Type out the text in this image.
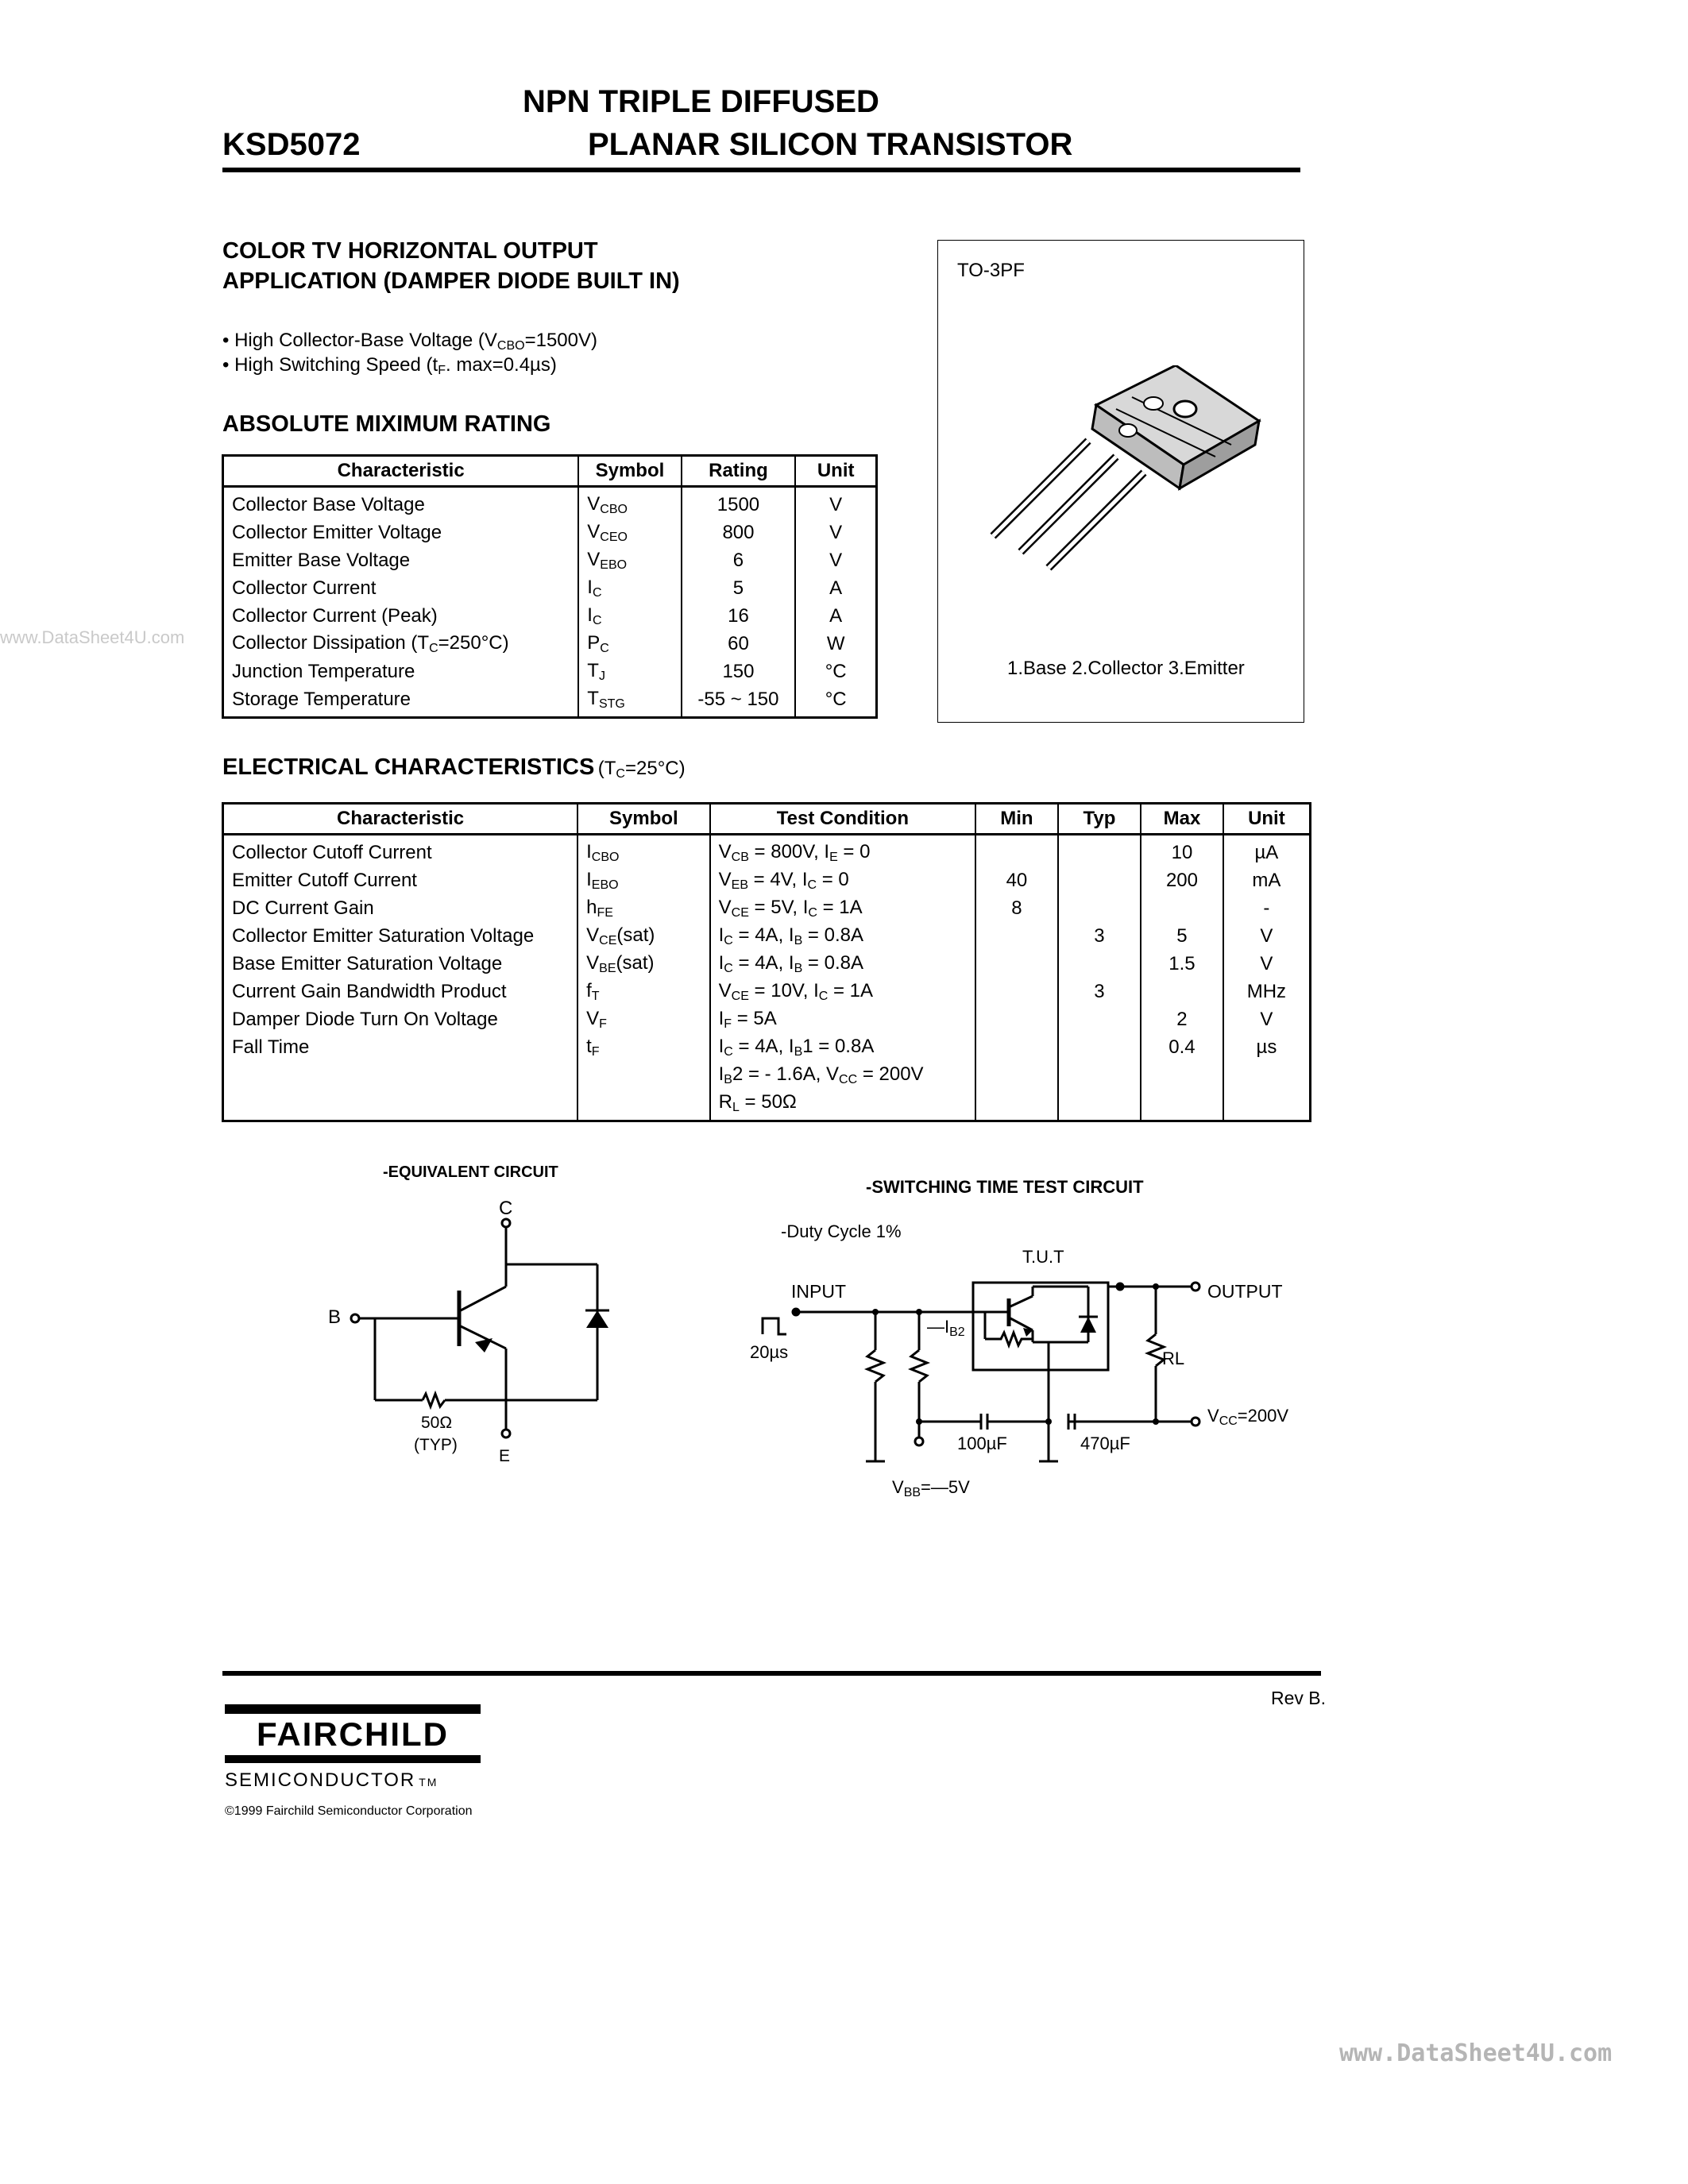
NPN TRIPLE DIFFUSED
KSD5072	PLANAR SILICON TRANSISTOR
COLOR TV HORIZONTAL OUTPUT
APPLICATION (DAMPER DIODE BUILT IN)
• High Collector-Base Voltage $(V_{CBO}=1500V)$
• High Switching Speed ($t_F$. max=0.4µs)
TO-3PF
1.Base 2.Collector 3.Emitter
ABSOLUTE MIXIMUM RATING
Characteristic	Symbol	Rating	Unit
Collector Base Voltage	$V_{CBO}$	1500	V
Collector Emitter Voltage	$V_{CEO}$	800	V
Emitter Base Voltage	$V_{EBO}$	6	V
Collector Current	$I_C$	5	A
Collector Current (Peak)	$I_C$	16	A
Collector Dissipation $(T_C=250^\circ C)$	$P_C$	60	W
Junction Temperature	$T_J$	150	°C
Storage Temperature	$T_{STG}$	-55 ~ 150	°C
ELECTRICAL CHARACTERISTICS $(T_C=25^\circ C)$
Characteristic	Symbol	Test Condition	Min	Typ	Max	Unit
Collector Cutoff Current	$I_{CBO}$	$V_{CB} = 800V$, $I_E = 0$			10	µA
Emitter Cutoff Current	$I_{EBO}$	$V_{EB} = 4V$, $I_C = 0$	40		200	mA
DC Current Gain	$h_{FE}$	$V_{CE} = 5V$, $I_C = 1A$	8			-
Collector Emitter Saturation Voltage	$V_{CE}(sat)$	$I_C = 4A$, $I_B = 0.8A$		3	5	V
Base Emitter Saturation Voltage	$V_{BE}(sat)$	$I_C = 4A$, $I_B = 0.8A$			1.5	V
Current Gain Bandwidth Product	$f_T$	$V_{CE} = 10V$, $I_C = 1A$		3		MHz
Damper Diode Turn On Voltage	$V_F$	$I_F = 5A$			2	V
Fall Time	$t_F$	$I_C = 4A$, $I_B1 = 0.8A$			0.4	µs
		$I_B2$ = - 1.6A, $V_{CC} = 200V$				
		$R_L = 50\Omega$				
-EQUIVALENT CIRCUIT
C
B
50Ω
(TYP)
E
-SWITCHING TIME TEST CIRCUIT
-Duty Cycle 1%
T.U.T
INPUT	OUTPUT
20µs
$—I_{B2}$
RL
$V_{CC}=200V$
100µF	470µF
$V_{BB}=—5V$
Rev B.
FAIRCHILD
SEMICONDUCTOR TM
©1999 Fairchild Semiconductor Corporation
www.DataSheet4U.com
www.DataSheet4U.com
